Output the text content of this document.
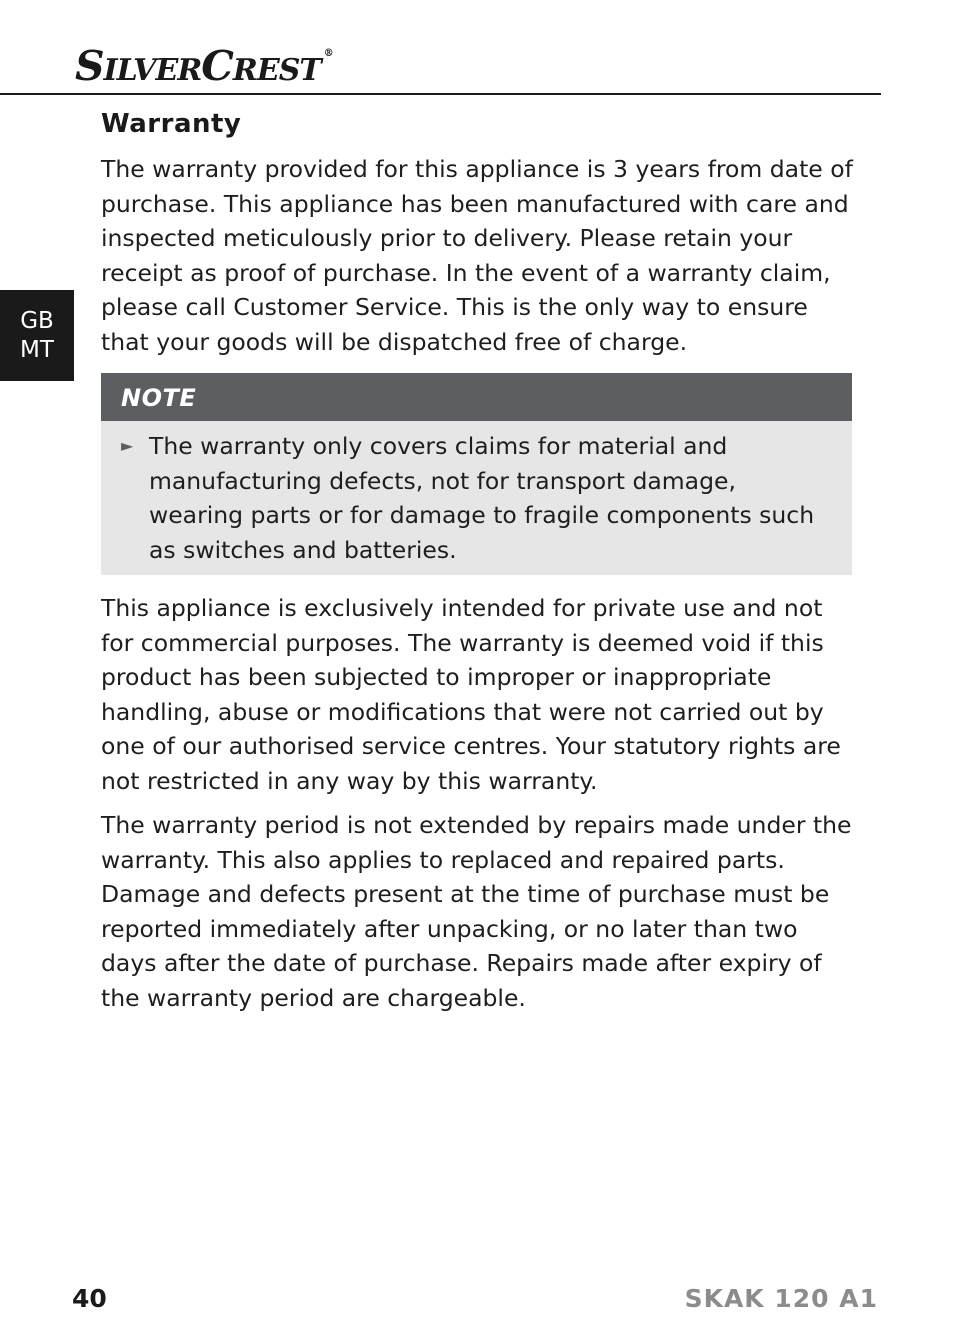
SILVERCREST ®
GB
MT
Warranty

The warranty provided for this appliance is 3 years from date of purchase. This appliance has been manufactured with care and inspected meticulously prior to delivery. Please retain your receipt as proof of purchase. In the event of a warranty claim, please call Customer Service. This is the only way to ensure that your goods will be dispatched free of charge.

NOTE
► The warranty only covers claims for material and manufacturing defects, not for transport damage, wearing parts or for damage to fragile components such as switches and batteries.

This appliance is exclusively intended for private use and not for commercial purposes. The warranty is deemed void if this product has been subjected to improper or inappropriate handling, abuse or modifications that were not carried out by one of our authorised service centres. Your statutory rights are not restricted in any way by this warranty.

The warranty period is not extended by repairs made under the warranty. This also applies to replaced and repaired parts. Damage and defects present at the time of purchase must be reported immediately after unpacking, or no later than two days after the date of purchase. Repairs made after expiry of the warranty period are chargeable.

40	SKAK 120 A1
